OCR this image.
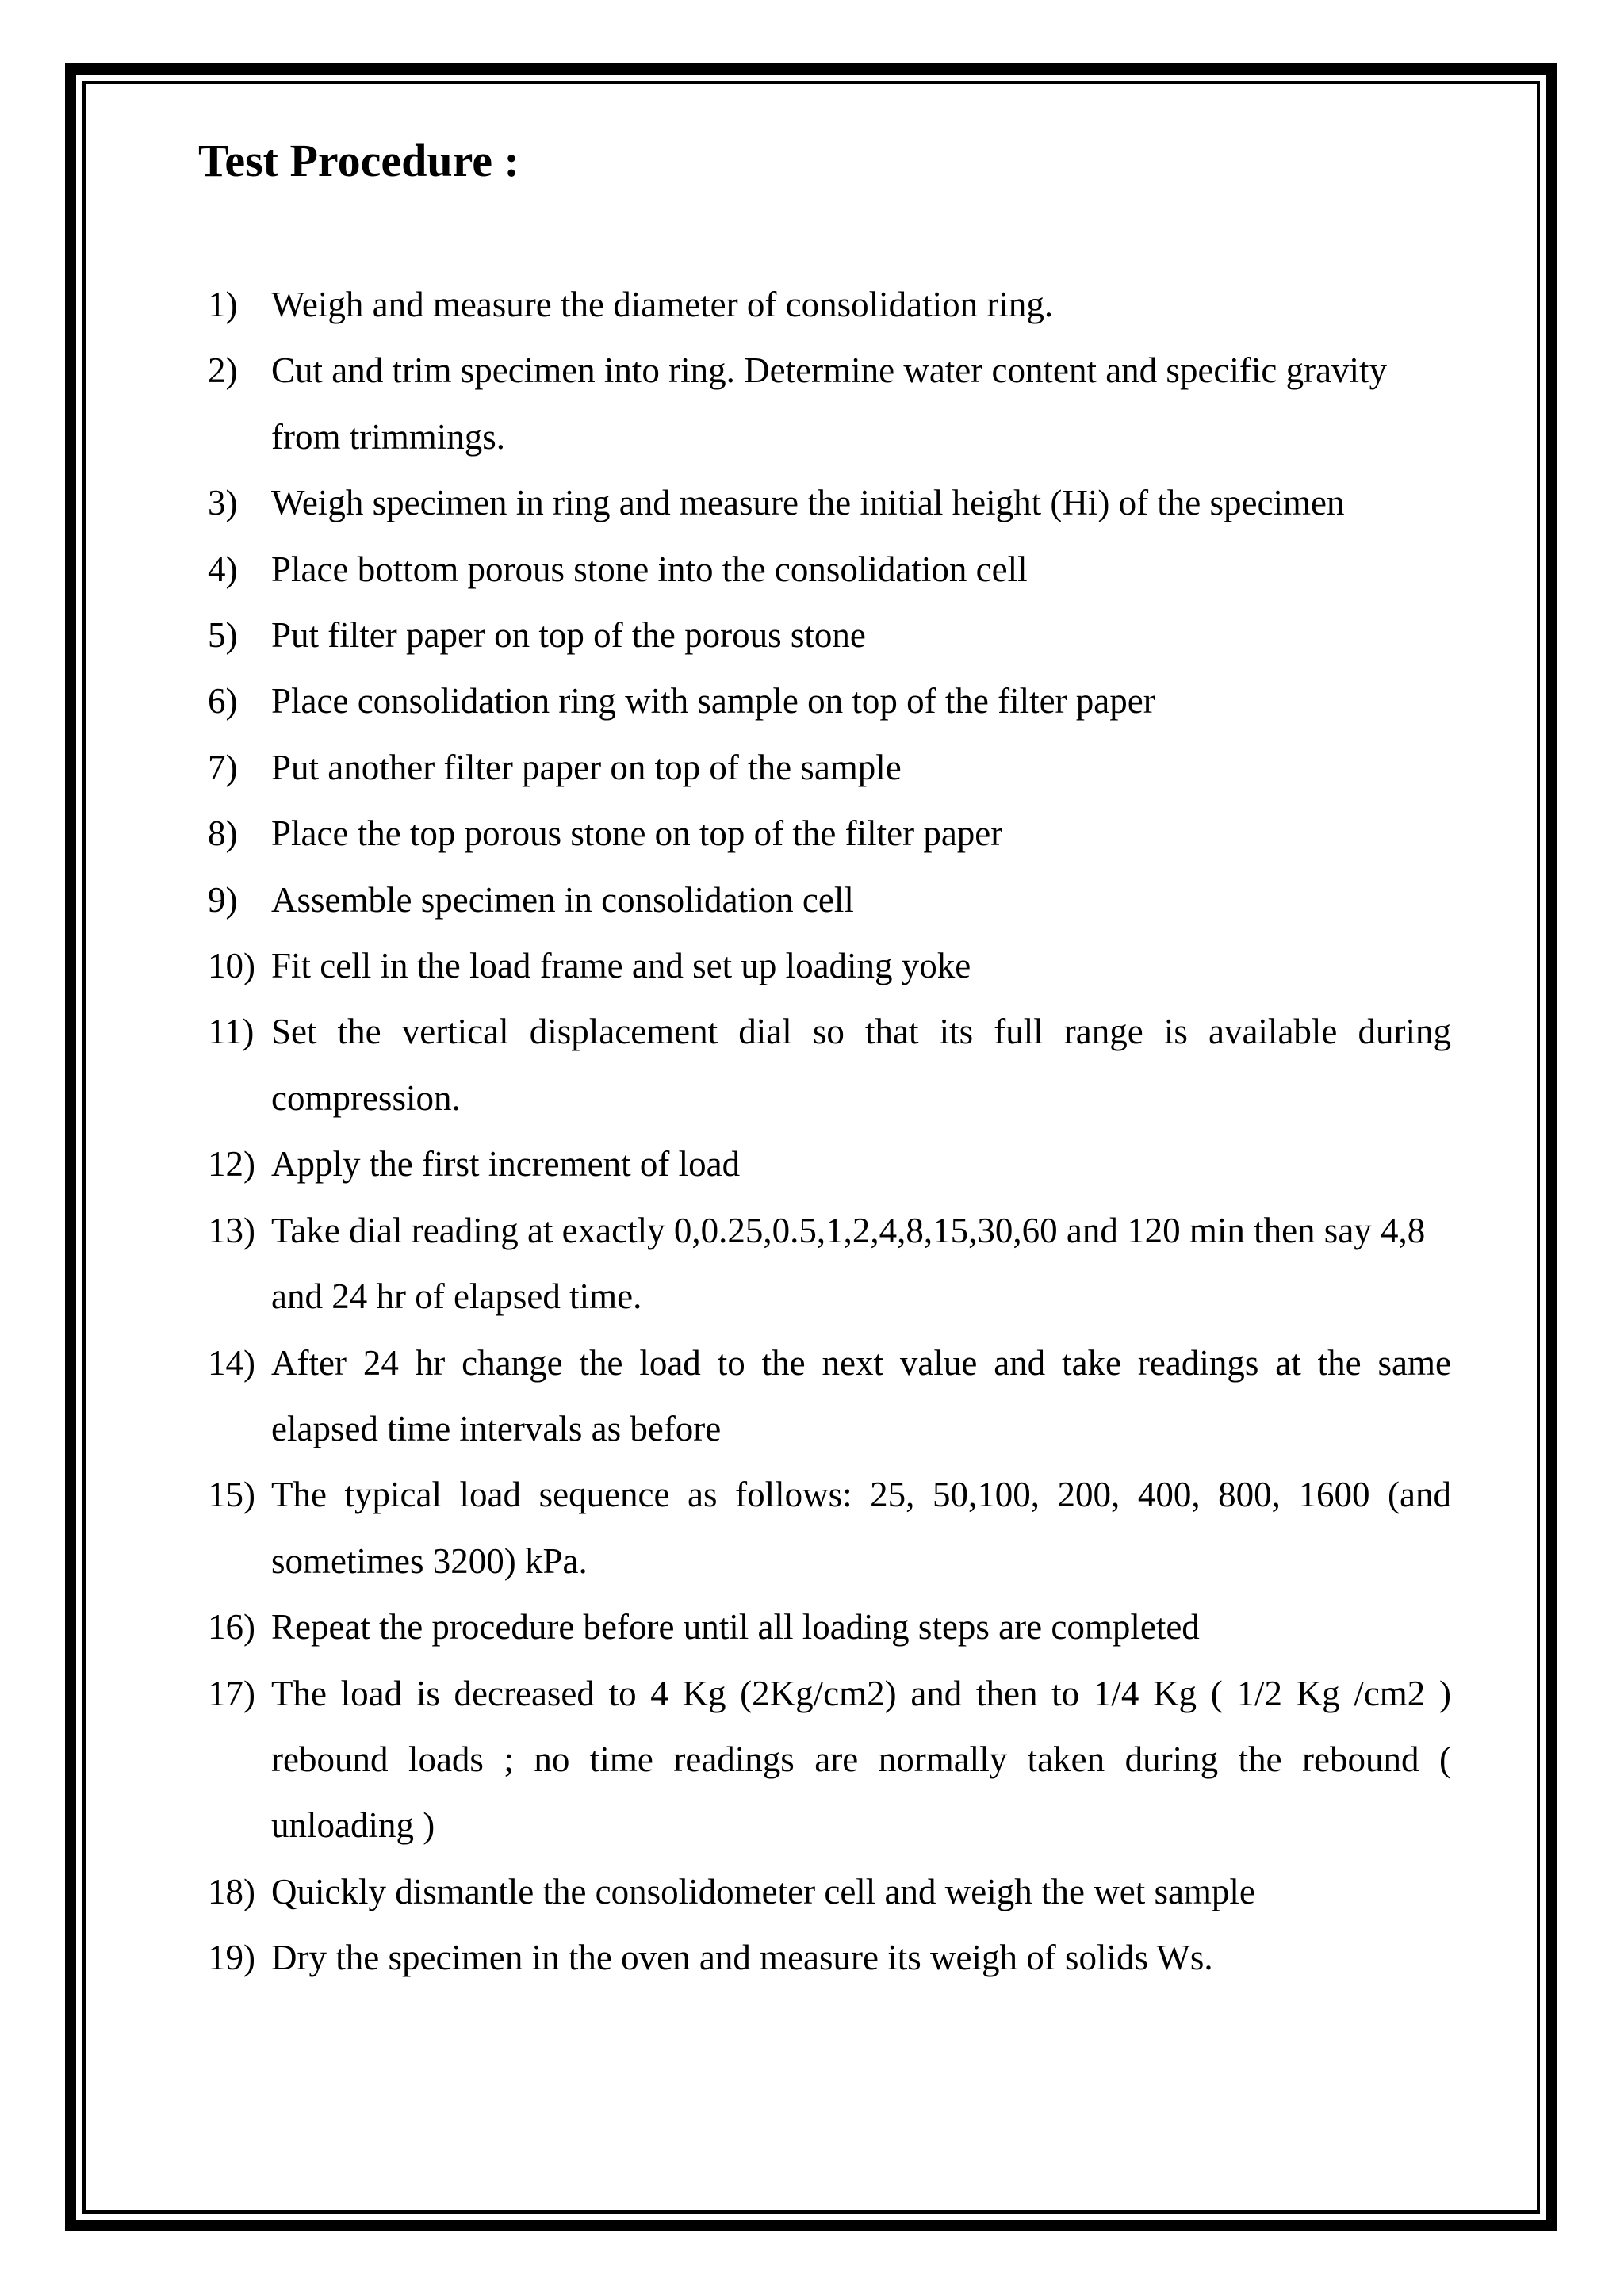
Test Procedure :
1) Weigh and measure the diameter of consolidation ring.
2) Cut and trim specimen into ring. Determine water content and specific gravity from trimmings.
3) Weigh specimen in ring and measure the initial height (Hi) of the specimen
4) Place bottom porous stone into the consolidation cell
5) Put filter paper on top of the porous stone
6) Place consolidation ring with sample on top of the filter paper
7) Put another filter paper on top of the sample
8) Place the top porous stone on top of the filter paper
9) Assemble specimen in consolidation cell
10) Fit cell in the load frame and set up loading yoke
11) Set the vertical displacement dial so that its full range is available during compression.
12) Apply the first increment of load
13) Take dial reading at exactly 0,0.25,0.5,1,2,4,8,15,30,60 and 120 min then say 4,8 and 24 hr of elapsed time.
14) After 24 hr change the load to the next value and take readings at the same elapsed time intervals as before
15) The typical load sequence as follows: 25, 50,100, 200, 400, 800, 1600 (and sometimes 3200) kPa.
16) Repeat the procedure before until all loading steps are completed
17) The load is decreased to 4 Kg (2Kg/cm2) and then to 1/4 Kg ( 1/2 Kg /cm2 ) rebound loads ; no time readings are normally taken during the rebound ( unloading )
18) Quickly dismantle the consolidometer cell and weigh the wet sample
19) Dry the specimen in the oven and measure its weigh of solids Ws.
